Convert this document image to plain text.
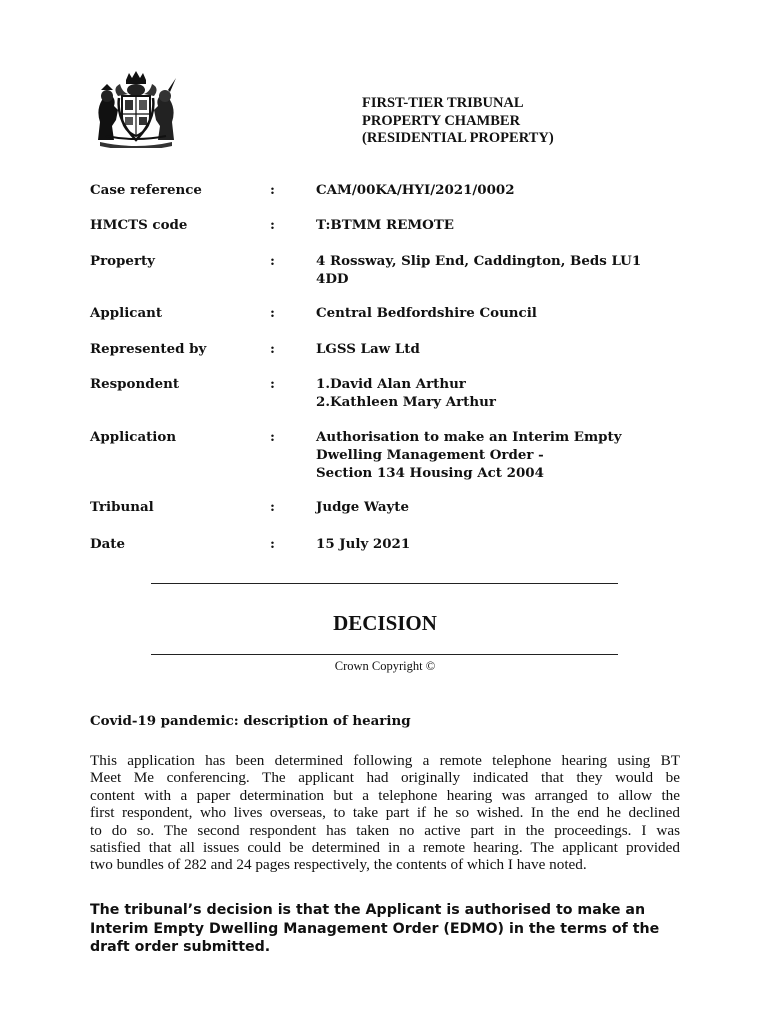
FIRST-TIER TRIBUNAL
PROPERTY CHAMBER
(RESIDENTIAL PROPERTY)
Case reference	:	CAM/00KA/HYI/2021/0002
HMCTS code	:	T:BTMM REMOTE
Property	:	4 Rossway, Slip End, Caddington, Beds LU1
4DD
Applicant	:	Central Bedfordshire Council
Represented by	:	LGSS Law Ltd
Respondent	:	1.David Alan Arthur
2.Kathleen Mary Arthur
Application	:	Authorisation to make an Interim Empty
Dwelling Management Order -
Section 134 Housing Act 2004
Tribunal	:	Judge Wayte
Date	:	15 July 2021
DECISION
Crown Copyright ©
Covid-19 pandemic: description of hearing
This application has been determined following a remote telephone hearing using BT
Meet Me conferencing. The applicant had originally indicated that they would be
content with a paper determination but a telephone hearing was arranged to allow the
first respondent, who lives overseas, to take part if he so wished. In the end he declined
to do so. The second respondent has taken no active part in the proceedings. I was
satisfied that all issues could be determined in a remote hearing. The applicant provided
two bundles of 282 and 24 pages respectively, the contents of which I have noted.
The tribunal’s decision is that the Applicant is authorised to make an
Interim Empty Dwelling Management Order (EDMO) in the terms of the
draft order submitted.
